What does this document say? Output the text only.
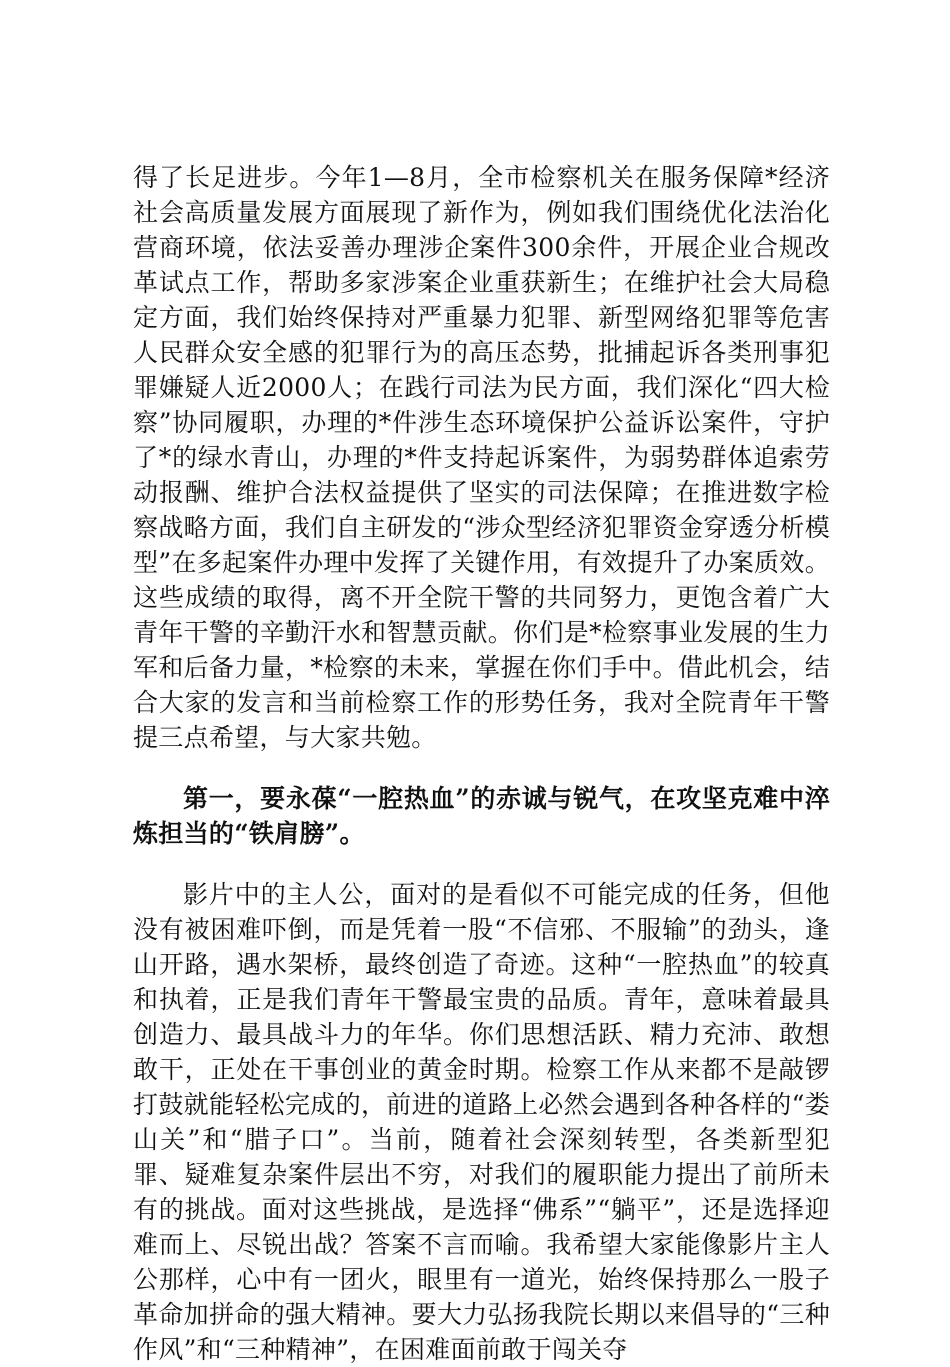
得了长足进步。今年1—8月，全市检察机关在服务保障*经济社会高质量发展方面展现了新作为，例如我们围绕优化法治化营商环境，依法妥善办理涉企案件300余件，开展企业合规改革试点工作，帮助多家涉案企业重获新生；在维护社会大局稳定方面，我们始终保持对严重暴力犯罪、新型网络犯罪等危害人民群众安全感的犯罪行为的高压态势，批捕起诉各类刑事犯罪嫌疑人近2000人；在践行司法为民方面，我们深化“四大检察”协同履职，办理的*件涉生态环境保护公益诉讼案件，守护了*的绿水青山，办理的*件支持起诉案件，为弱势群体追索劳动报酬、维护合法权益提供了坚实的司法保障；在推进数字检察战略方面，我们自主研发的“涉众型经济犯罪资金穿透分析模型”在多起案件办理中发挥了关键作用，有效提升了办案质效。这些成绩的取得，离不开全院干警的共同努力，更饱含着广大青年干警的辛勤汗水和智慧贡献。你们是*检察事业发展的生力军和后备力量，*检察的未来，掌握在你们手中。借此机会，结合大家的发言和当前检察工作的形势任务，我对全院青年干警提三点希望，与大家共勉。

第一，要永葆“一腔热血”的赤诚与锐气，在攻坚克难中淬炼担当的“铁肩膀”。

影片中的主人公，面对的是看似不可能完成的任务，但他没有被困难吓倒，而是凭着一股“不信邪、不服输”的劲头，逢山开路，遇水架桥，最终创造了奇迹。这种“一腔热血”的较真和执着，正是我们青年干警最宝贵的品质。青年，意味着最具创造力、最具战斗力的年华。你们思想活跃、精力充沛、敢想敢干，正处在干事创业的黄金时期。检察工作从来都不是敲锣打鼓就能轻松完成的，前进的道路上必然会遇到各种各样的“娄山关”和“腊子口”。当前，随着社会深刻转型，各类新型犯罪、疑难复杂案件层出不穷，对我们的履职能力提出了前所未有的挑战。面对这些挑战，是选择“佛系”“躺平”，还是选择迎难而上、尽锐出战？答案不言而喻。我希望大家能像影片主人公那样，心中有一团火，眼里有一道光，始终保持那么一股子革命加拼命的强大精神。要大力弘扬我院长期以来倡导的“三种作风”和“三种精神”，在困难面前敢于闯关夺
